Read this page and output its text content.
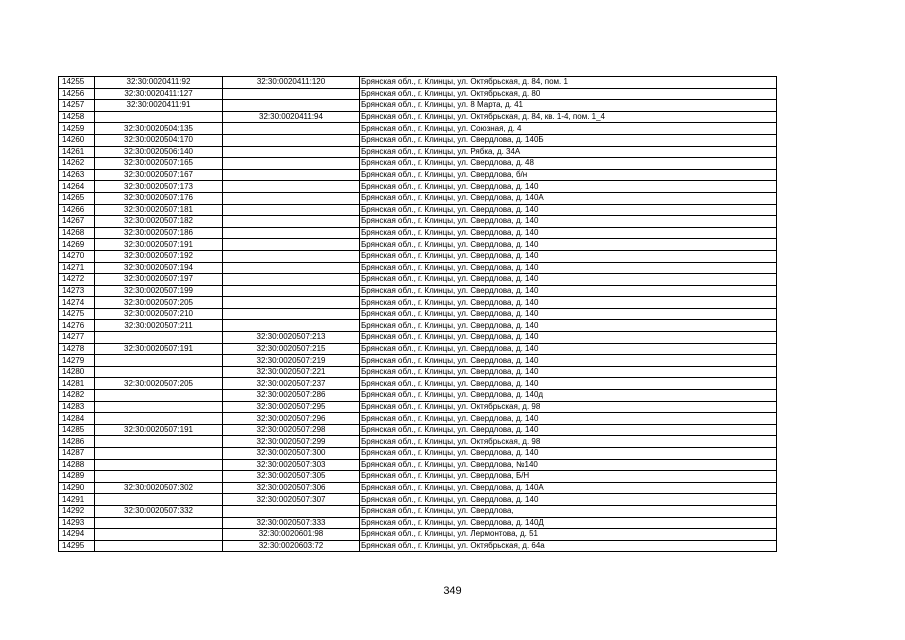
14255	32:30:0020411:92	32:30:0020411:120	Брянская обл., г. Клинцы, ул. Октябрьская, д. 84, пом. 1
14256	32:30:0020411:127		Брянская обл., г. Клинцы, ул. Октябрьская, д. 80
14257	32:30:0020411:91		Брянская обл., г. Клинцы, ул. 8 Марта, д. 41
14258		32:30:0020411:94	Брянская обл., г. Клинцы, ул. Октябрьская, д. 84, кв. 1-4, пом. 1_4
14259	32:30:0020504:135		Брянская обл., г. Клинцы, ул. Союзная, д. 4
14260	32:30:0020504:170		Брянская обл., г. Клинцы, ул. Свердлова, д. 140Б
14261	32:30:0020506:140		Брянская обл., г. Клинцы, ул. Рябка, д. 34А
14262	32:30:0020507:165		Брянская обл., г. Клинцы, ул. Свердлова, д. 48
14263	32:30:0020507:167		Брянская обл., г. Клинцы, ул. Свердлова, б/н
14264	32:30:0020507:173		Брянская обл., г. Клинцы, ул. Свердлова, д. 140
14265	32:30:0020507:176		Брянская обл., г. Клинцы, ул. Свердлова, д. 140А
14266	32:30:0020507:181		Брянская обл., г. Клинцы, ул. Свердлова, д. 140
14267	32:30:0020507:182		Брянская обл., г. Клинцы, ул. Свердлова, д. 140
14268	32:30:0020507:186		Брянская обл., г. Клинцы, ул. Свердлова, д. 140
14269	32:30:0020507:191		Брянская обл., г. Клинцы, ул. Свердлова, д. 140
14270	32:30:0020507:192		Брянская обл., г. Клинцы, ул. Свердлова, д. 140
14271	32:30:0020507:194		Брянская обл., г. Клинцы, ул. Свердлова, д. 140
14272	32:30:0020507:197		Брянская обл., г. Клинцы, ул. Свердлова, д. 140
14273	32:30:0020507:199		Брянская обл., г. Клинцы, ул. Свердлова, д. 140
14274	32:30:0020507:205		Брянская обл., г. Клинцы, ул. Свердлова, д. 140
14275	32:30:0020507:210		Брянская обл., г. Клинцы, ул. Свердлова, д. 140
14276	32:30:0020507:211		Брянская обл., г. Клинцы, ул. Свердлова, д. 140
14277		32:30:0020507:213	Брянская обл., г. Клинцы, ул. Свердлова, д. 140
14278	32:30:0020507:191	32:30:0020507:215	Брянская обл., г. Клинцы, ул. Свердлова, д. 140
14279		32:30:0020507:219	Брянская обл., г. Клинцы, ул. Свердлова, д. 140
14280		32:30:0020507:221	Брянская обл., г. Клинцы, ул. Свердлова, д. 140
14281	32:30:0020507:205	32:30:0020507:237	Брянская обл., г. Клинцы, ул. Свердлова, д. 140
14282		32:30:0020507:286	Брянская обл., г. Клинцы, ул. Свердлова, д. 140д
14283		32:30:0020507:295	Брянская обл., г. Клинцы, ул. Октябрьская, д. 98
14284		32:30:0020507:296	Брянская обл., г. Клинцы, ул. Свердлова, д. 140
14285	32:30:0020507:191	32:30:0020507:298	Брянская обл., г. Клинцы, ул. Свердлова, д. 140
14286		32:30:0020507:299	Брянская обл., г. Клинцы, ул. Октябрьская, д. 98
14287		32:30:0020507:300	Брянская обл., г. Клинцы, ул. Свердлова, д. 140
14288		32:30:0020507:303	Брянская обл., г. Клинцы, ул. Свердлова, №140
14289		32:30:0020507:305	Брянская обл., г. Клинцы, ул. Свердлова, Б/Н
14290	32:30:0020507:302	32:30:0020507:306	Брянская обл., г. Клинцы, ул. Свердлова, д. 140А
14291		32:30:0020507:307	Брянская обл., г. Клинцы, ул. Свердлова, д. 140
14292	32:30:0020507:332		Брянская обл., г. Клинцы, ул. Свердлова,
14293		32:30:0020507:333	Брянская обл., г. Клинцы, ул. Свердлова, д. 140Д
14294		32:30:0020601:98	Брянская обл., г. Клинцы, ул. Лермонтова, д. 51
14295		32:30:0020603:72	Брянская обл., г. Клинцы, ул. Октябрьская, д. 64а
349
